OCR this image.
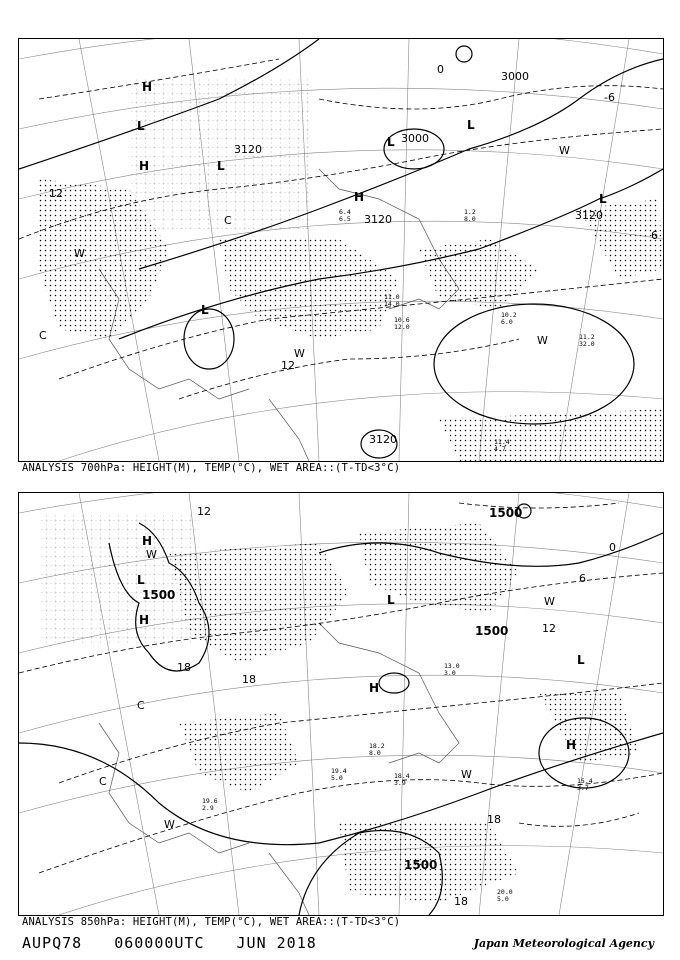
10.2
6.0
11.2
32.0
11.4
4.7
11.0
14.0
10.6
12.0
1.2
8.0
6.4
6.5
3120
3120	3120
3120
3000
3000
12
12
6
0
-6
W
W
W
W
C
C
H
H
H
L
L
L
L
L
L
ANALYSIS 700hPa: HEIGHT(M), TEMP(°C), WET AREA::(T-TD<3°C)
15.4
3.7
20.0
5.0
18.4
3.9
19.4
5.0
18.2
8.0
19.6
2.9
13.0
3.0
1500
1500
1500
1500
18
18
18
18
12
12
6
0
W
W
W
W
C
C
H
H
H
H
L
L
L
ANALYSIS 850hPa: HEIGHT(M), TEMP(°C), WET AREA::(T-TD<3°C)
AUPQ78 060000UTC JUN 2018	Japan Meteorological Agency
